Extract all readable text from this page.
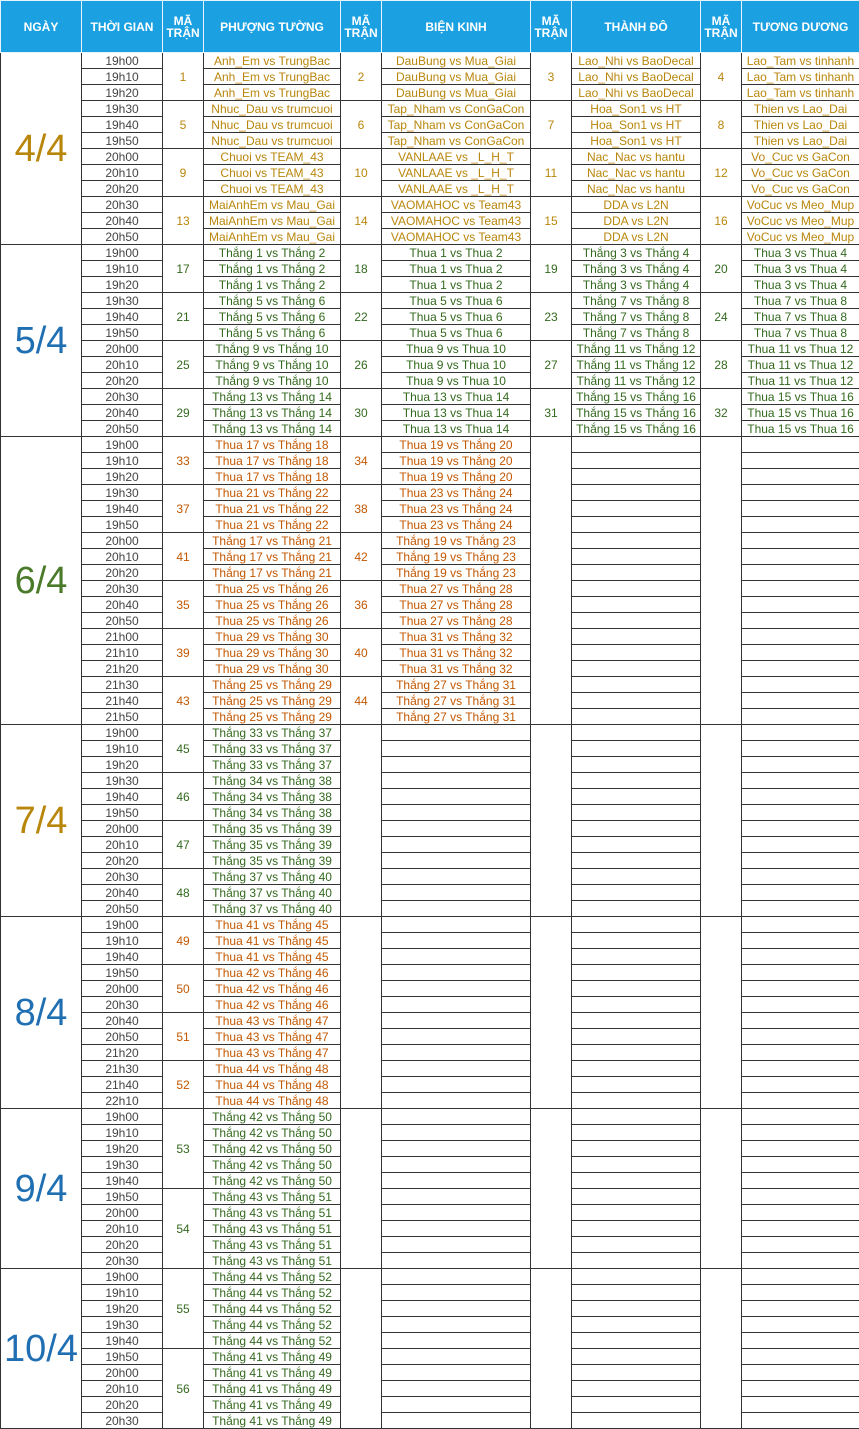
NGÀY	THỜI GIAN	MÃ TRẬN	PHƯỢNG TƯỜNG	MÃ TRẬN	BIỆN KINH	MÃ TRẬN	THÀNH ĐÔ	MÃ TRẬN	TƯƠNG DƯƠNG
4/4	19h00	1	Anh_Em vs TrungBac	2	DauBung vs Mua_Giai	3	Lao_Nhi vs BaoDecal	4	Lao_Tam vs tinhanh
	19h10		Anh_Em vs TrungBac		DauBung vs Mua_Giai		Lao_Nhi vs BaoDecal		Lao_Tam vs tinhanh
	19h20		Anh_Em vs TrungBac		DauBung vs Mua_Giai		Lao_Nhi vs BaoDecal		Lao_Tam vs tinhanh
	19h30	5	Nhuc_Dau vs trumcuoi	6	Tap_Nham vs ConGaCon	7	Hoa_Son1 vs HT	8	Thien vs Lao_Dai
	19h40		Nhuc_Dau vs trumcuoi		Tap_Nham vs ConGaCon		Hoa_Son1 vs HT		Thien vs Lao_Dai
	19h50		Nhuc_Dau vs trumcuoi		Tap_Nham vs ConGaCon		Hoa_Son1 vs HT		Thien vs Lao_Dai
	20h00	9	Chuoi vs TEAM_43	10	VANLAAE vs _L_H_T	11	Nac_Nac vs hantu	12	Vo_Cuc vs GaCon
	20h10		Chuoi vs TEAM_43		VANLAAE vs _L_H_T		Nac_Nac vs hantu		Vo_Cuc vs GaCon
	20h20		Chuoi vs TEAM_43		VANLAAE vs _L_H_T		Nac_Nac vs hantu		Vo_Cuc vs GaCon
	20h30	13	MaiAnhEm vs Mau_Gai	14	VAOMAHOC vs Team43	15	DDA vs L2N	16	VoCuc vs Meo_Mup
	20h40		MaiAnhEm vs Mau_Gai		VAOMAHOC vs Team43		DDA vs L2N		VoCuc vs Meo_Mup
	20h50		MaiAnhEm vs Mau_Gai		VAOMAHOC vs Team43		DDA vs L2N		VoCuc vs Meo_Mup
5/4	19h00	17	Thắng 1 vs Thắng 2	18	Thua 1 vs Thua 2	19	Thắng 3 vs Thắng 4	20	Thua 3 vs Thua 4
	19h10		Thắng 1 vs Thắng 2		Thua 1 vs Thua 2		Thắng 3 vs Thắng 4		Thua 3 vs Thua 4
	19h20		Thắng 1 vs Thắng 2		Thua 1 vs Thua 2		Thắng 3 vs Thắng 4		Thua 3 vs Thua 4
	19h30	21	Thắng 5 vs Thắng 6	22	Thua 5 vs Thua 6	23	Thắng 7 vs Thắng 8	24	Thua 7 vs Thua 8
	19h40		Thắng 5 vs Thắng 6		Thua 5 vs Thua 6		Thắng 7 vs Thắng 8		Thua 7 vs Thua 8
	19h50		Thắng 5 vs Thắng 6		Thua 5 vs Thua 6		Thắng 7 vs Thắng 8		Thua 7 vs Thua 8
	20h00	25	Thắng 9 vs Thắng 10	26	Thua 9 vs Thua 10	27	Thắng 11 vs Thắng 12	28	Thua 11 vs Thua 12
	20h10		Thắng 9 vs Thắng 10		Thua 9 vs Thua 10		Thắng 11 vs Thắng 12		Thua 11 vs Thua 12
	20h20		Thắng 9 vs Thắng 10		Thua 9 vs Thua 10		Thắng 11 vs Thắng 12		Thua 11 vs Thua 12
	20h30	29	Thắng 13 vs Thắng 14	30	Thua 13 vs Thua 14	31	Thắng 15 vs Thắng 16	32	Thua 15 vs Thua 16
	20h40		Thắng 13 vs Thắng 14		Thua 13 vs Thua 14		Thắng 15 vs Thắng 16		Thua 15 vs Thua 16
	20h50		Thắng 13 vs Thắng 14		Thua 13 vs Thua 14		Thắng 15 vs Thắng 16		Thua 15 vs Thua 16
6/4	19h00	33	Thua 17 vs Thắng 18	34	Thua 19 vs Thắng 20				
	19h10		Thua 17 vs Thắng 18		Thua 19 vs Thắng 20				
	19h20		Thua 17 vs Thắng 18		Thua 19 vs Thắng 20				
	19h30	37	Thua 21 vs Thắng 22	38	Thua 23 vs Thắng 24				
	19h40		Thua 21 vs Thắng 22		Thua 23 vs Thắng 24				
	19h50		Thua 21 vs Thắng 22		Thua 23 vs Thắng 24				
	20h00	41	Thắng 17 vs Thắng 21	42	Thắng 19 vs Thắng 23				
	20h10		Thắng 17 vs Thắng 21		Thắng 19 vs Thắng 23				
	20h20		Thắng 17 vs Thắng 21		Thắng 19 vs Thắng 23				
	20h30	35	Thua 25 vs Thắng 26	36	Thua 27 vs Thắng 28				
	20h40		Thua 25 vs Thắng 26		Thua 27 vs Thắng 28				
	20h50		Thua 25 vs Thắng 26		Thua 27 vs Thắng 28				
	21h00	39	Thua 29 vs Thắng 30	40	Thua 31 vs Thắng 32				
	21h10		Thua 29 vs Thắng 30		Thua 31 vs Thắng 32				
	21h20		Thua 29 vs Thắng 30		Thua 31 vs Thắng 32				
	21h30	43	Thắng 25 vs Thắng 29	44	Thắng 27 vs Thắng 31				
	21h40		Thắng 25 vs Thắng 29		Thắng 27 vs Thắng 31				
	21h50		Thắng 25 vs Thắng 29		Thắng 27 vs Thắng 31				
7/4	19h00	45	Thắng 33 vs Thắng 37						
	19h10		Thắng 33 vs Thắng 37						
	19h20		Thắng 33 vs Thắng 37						
	19h30	46	Thắng 34 vs Thắng 38						
	19h40		Thắng 34 vs Thắng 38						
	19h50		Thắng 34 vs Thắng 38						
	20h00	47	Thắng 35 vs Thắng 39						
	20h10		Thắng 35 vs Thắng 39						
	20h20		Thắng 35 vs Thắng 39						
	20h30	48	Thắng 37 vs Thắng 40						
	20h40		Thắng 37 vs Thắng 40						
	20h50		Thắng 37 vs Thắng 40						
8/4	19h00	49	Thua 41 vs Thắng 45						
	19h10		Thua 41 vs Thắng 45						
	19h40		Thua 41 vs Thắng 45						
	19h50	50	Thua 42 vs Thắng 46						
	20h00		Thua 42 vs Thắng 46						
	20h30		Thua 42 vs Thắng 46						
	20h40	51	Thua 43 vs Thắng 47						
	20h50		Thua 43 vs Thắng 47						
	21h20		Thua 43 vs Thắng 47						
	21h30	52	Thua 44 vs Thắng 48						
	21h40		Thua 44 vs Thắng 48						
	22h10		Thua 44 vs Thắng 48						
9/4	19h00	53	Thắng 42 vs Thắng 50						
	19h10		Thắng 42 vs Thắng 50						
	19h20		Thắng 42 vs Thắng 50						
	19h30		Thắng 42 vs Thắng 50						
	19h40		Thắng 42 vs Thắng 50						
	19h50	54	Thắng 43 vs Thắng 51						
	20h00		Thắng 43 vs Thắng 51						
	20h10		Thắng 43 vs Thắng 51						
	20h20		Thắng 43 vs Thắng 51						
	20h30		Thắng 43 vs Thắng 51						
10/4	19h00	55	Thắng 44 vs Thắng 52						
	19h10		Thắng 44 vs Thắng 52						
	19h20		Thắng 44 vs Thắng 52						
	19h30		Thắng 44 vs Thắng 52						
	19h40		Thắng 44 vs Thắng 52						
	19h50	56	Thắng 41 vs Thắng 49						
	20h00		Thắng 41 vs Thắng 49						
	20h10		Thắng 41 vs Thắng 49						
	20h20		Thắng 41 vs Thắng 49						
	20h30		Thắng 41 vs Thắng 49						
